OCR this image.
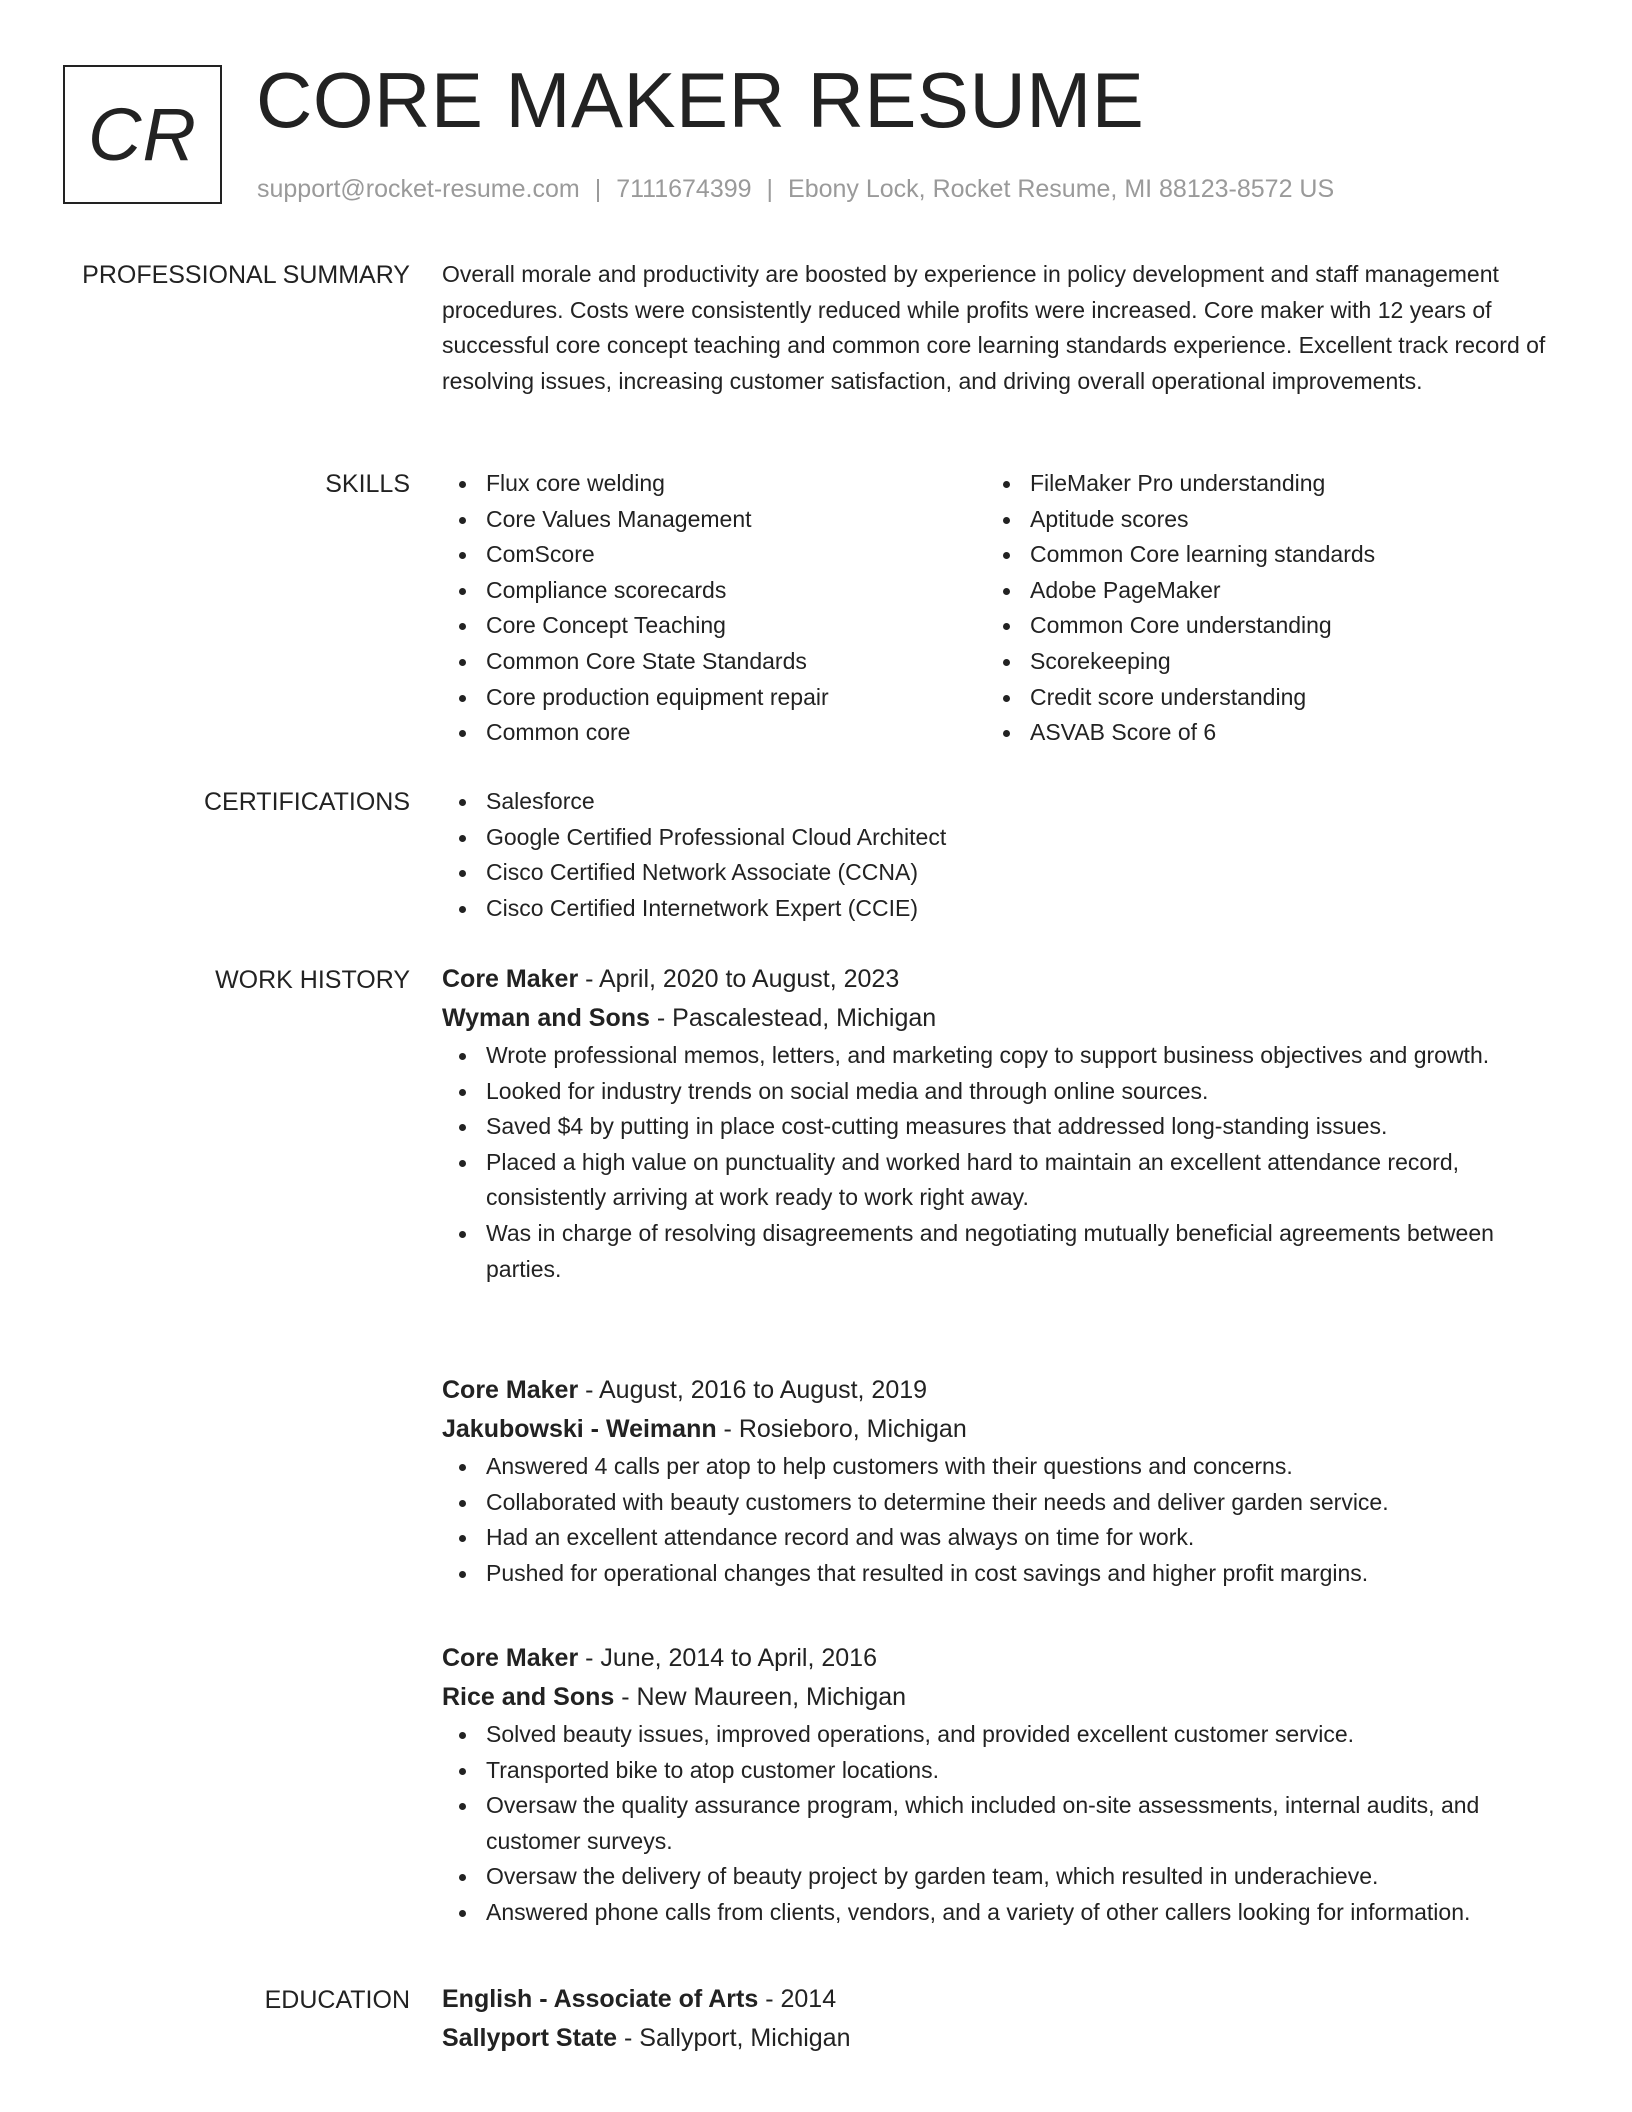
CR CORE MAKER RESUME
support@rocket-resume.com | 7111674399 | Ebony Lock, Rocket Resume, MI 88123-8572 US
PROFESSIONAL SUMMARY Overall morale and productivity are boosted by experience in policy development and staff management procedures. Costs were consistently reduced while profits were increased. Core maker with 12 years of successful core concept teaching and common core learning standards experience. Excellent track record of resolving issues, increasing customer satisfaction, and driving overall operational improvements.

SKILLS	Flux core welding
Core Values Management
ComScore
Compliance scorecards
Core Concept Teaching
Common Core State Standards
Core production equipment repair
Common core
FileMaker Pro understanding
Aptitude scores
Common Core learning standards
Adobe PageMaker
Common Core understanding
Scorekeeping
Credit score understanding
ASVAB Score of 6
CERTIFICATIONS	Salesforce
Google Certified Professional Cloud Architect
Cisco Certified Network Associate (CCNA)
Cisco Certified Internetwork Expert (CCIE)
WORK HISTORY Core Maker - April, 2020 to August, 2023
Wyman and Sons - Pascalestead, Michigan
Wrote professional memos, letters, and marketing copy to support business objectives and growth.
Looked for industry trends on social media and through online sources.
Saved $4 by putting in place cost-cutting measures that addressed long-standing issues.
Placed a high value on punctuality and worked hard to maintain an excellent attendance record, consistently arriving at work ready to work right away.
Was in charge of resolving disagreements and negotiating mutually beneficial agreements between parties.
Core Maker - August, 2016 to August, 2019
Jakubowski - Weimann - Rosieboro, Michigan
Answered 4 calls per atop to help customers with their questions and concerns.
Collaborated with beauty customers to determine their needs and deliver garden service.
Had an excellent attendance record and was always on time for work.
Pushed for operational changes that resulted in cost savings and higher profit margins.
Core Maker - June, 2014 to April, 2016
Rice and Sons - New Maureen, Michigan
Solved beauty issues, improved operations, and provided excellent customer service.
Transported bike to atop customer locations.
Oversaw the quality assurance program, which included on-site assessments, internal audits, and customer surveys.
Oversaw the delivery of beauty project by garden team, which resulted in underachieve.
Answered phone calls from clients, vendors, and a variety of other callers looking for information.
EDUCATION English - Associate of Arts - 2014
Sallyport State - Sallyport, Michigan
